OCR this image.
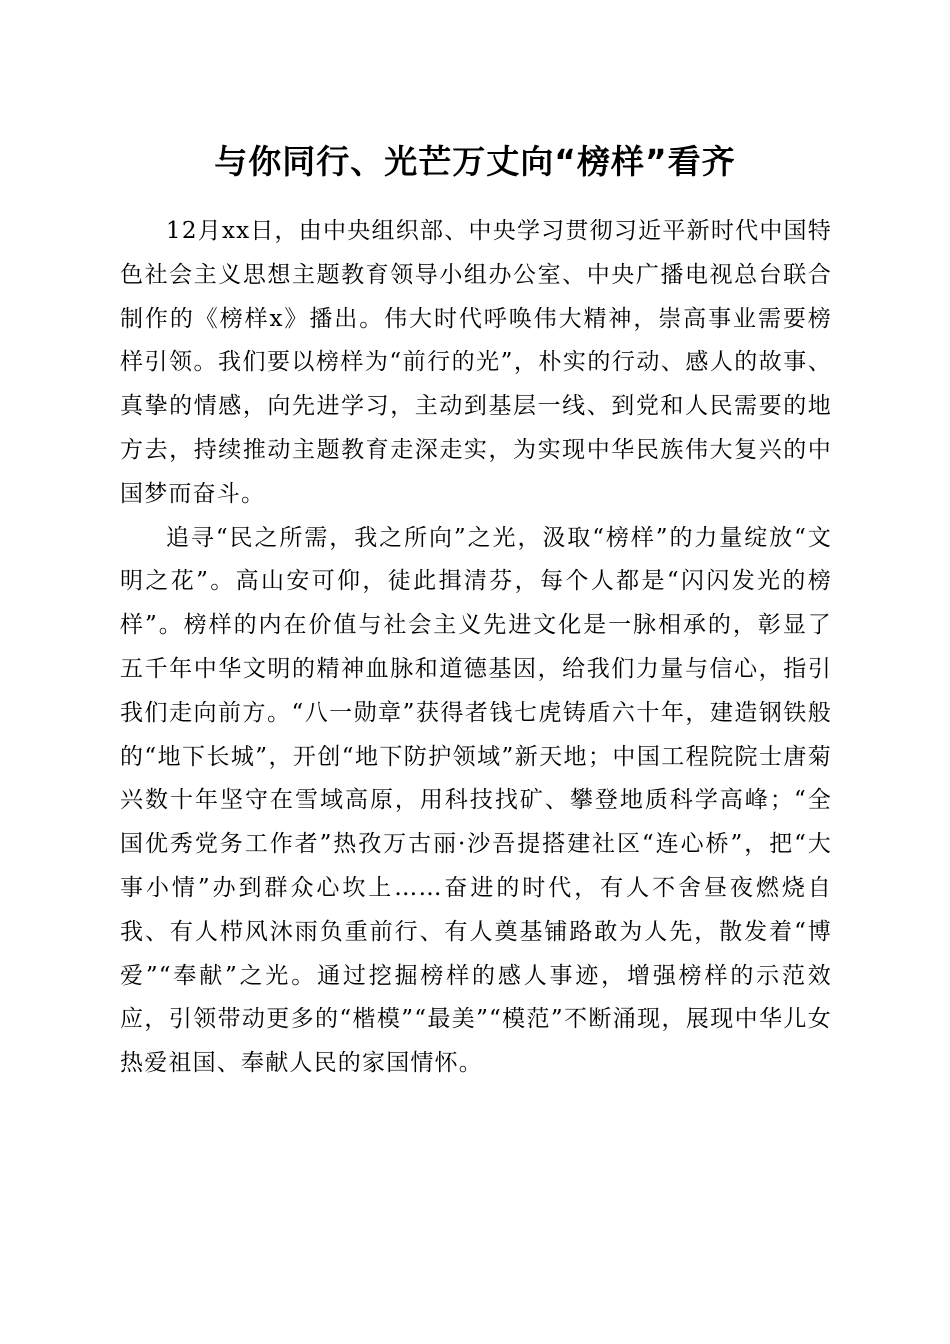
与你同行、光芒万丈向“榜样”看齐

12月xx日，由中央组织部、中央学习贯彻习近平新时代中国特色社会主义思想主题教育领导小组办公室、中央广播电视总台联合制作的《榜样x》播出。伟大时代呼唤伟大精神，崇高事业需要榜样引领。我们要以榜样为“前行的光”，朴实的行动、感人的故事、真挚的情感，向先进学习，主动到基层一线、到党和人民需要的地方去，持续推动主题教育走深走实，为实现中华民族伟大复兴的中国梦而奋斗。

追寻“民之所需，我之所向”之光，汲取“榜样”的力量绽放“文明之花”。高山安可仰，徒此揖清芬，每个人都是“闪闪发光的榜样”。榜样的内在价值与社会主义先进文化是一脉相承的，彰显了五千年中华文明的精神血脉和道德基因，给我们力量与信心，指引我们走向前方。“八一勋章”获得者钱七虎铸盾六十年，建造钢铁般的“地下长城”，开创“地下防护领域”新天地；中国工程院院士唐菊兴数十年坚守在雪域高原，用科技找矿、攀登地质科学高峰；“全国优秀党务工作者”热孜万古丽·沙吾提搭建社区“连心桥”，把“大事小情”办到群众心坎上……奋进的时代，有人不舍昼夜燃烧自我、有人栉风沐雨负重前行、有人奠基铺路敢为人先，散发着“博爱”“奉献”之光。通过挖掘榜样的感人事迹，增强榜样的示范效应，引领带动更多的“楷模”“最美”“模范”不断涌现，展现中华儿女热爱祖国、奉献人民的家国情怀。
